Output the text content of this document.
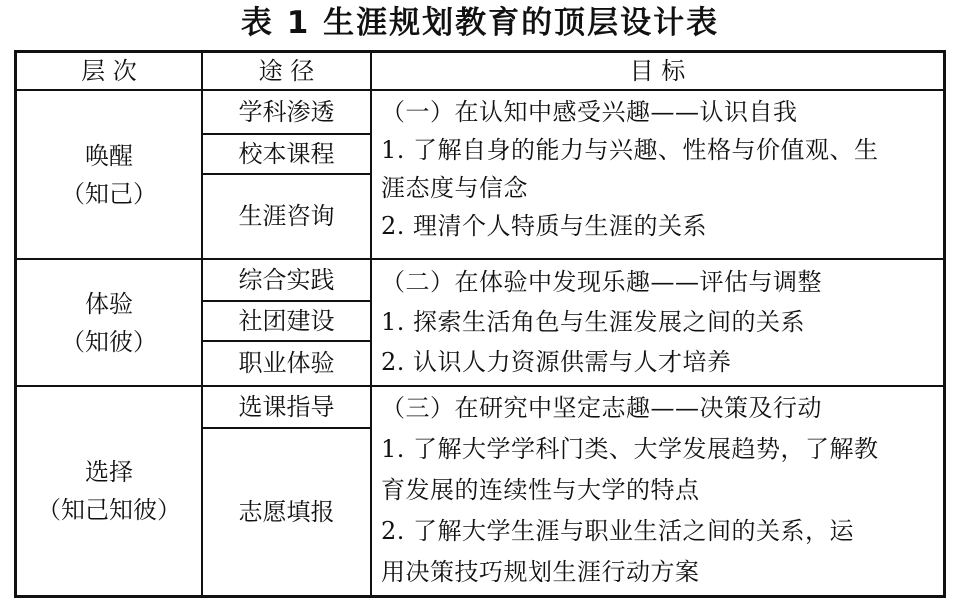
表 1 生涯规划教育的顶层设计表
层 次	途 径	目 标
唤醒
（知己）
学科渗透
校本课程
生涯咨询
（一）在认知中感受兴趣——认识自我
1. 了解自身的能力与兴趣、性格与价值观、生
涯态度与信念
2. 理清个人特质与生涯的关系
体验
（知彼）
综合实践
社团建设
职业体验
（二）在体验中发现乐趣——评估与调整
1. 探索生活角色与生涯发展之间的关系
2. 认识人力资源供需与人才培养
选择
（知己知彼）
选课指导
志愿填报
（三）在研究中坚定志趣——决策及行动
1. 了解大学学科门类、大学发展趋势，了解教
育发展的连续性与大学的特点
2. 了解大学生涯与职业生活之间的关系，运
用决策技巧规划生涯行动方案
